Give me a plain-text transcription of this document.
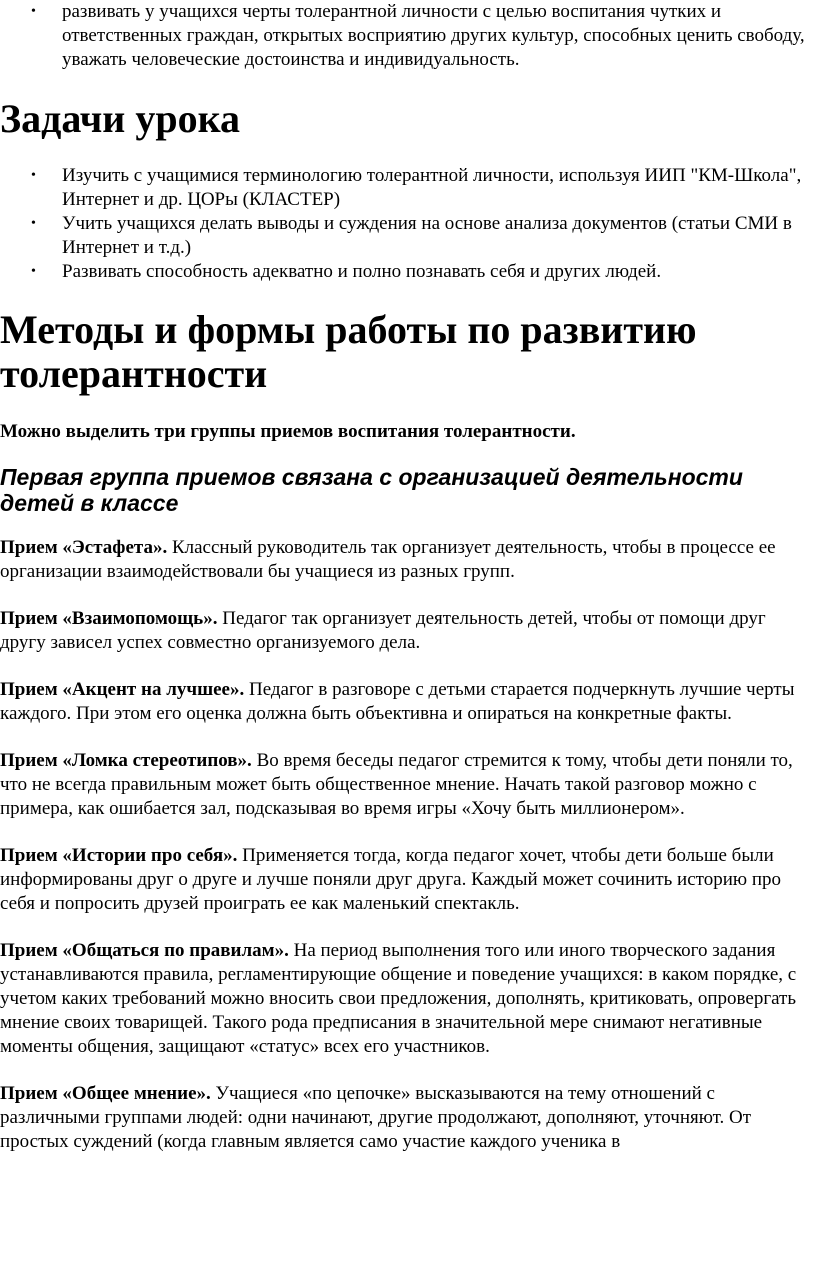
• развивать у учащихся черты толерантной личности с целью воспитания чутких и ответственных граждан, открытых восприятию других культур, способных ценить свободу, уважать человеческие достоинства и индивидуальность.
Задачи урока
• Изучить с учащимися терминологию толерантной личности, используя ИИП "КМ-Школа", Интернет и др. ЦОРы (КЛАСТЕР)
• Учить учащихся делать выводы и суждения на основе анализа документов (статьи СМИ в Интернет и т.д.)
• Развивать способность адекватно и полно познавать себя и других людей.
Методы и формы работы по развитию толерантности

Можно выделить три группы приемов воспитания толерантности.

Первая группа приемов связана с организацией деятельности детей в классе

Прием «Эстафета». Классный руководитель так организует деятельность, чтобы в процессе ее организации взаимодействовали бы учащиеся из разных групп.

Прием «Взаимопомощь». Педагог так организует деятельность детей, чтобы от помощи друг другу зависел успех совместно организуемого дела.

Прием «Акцент на лучшее». Педагог в разговоре с детьми старается подчеркнуть лучшие черты каждого. При этом его оценка должна быть объективна и опираться на конкретные факты.

Прием «Ломка стереотипов». Во время беседы педагог стремится к тому, чтобы дети поняли то, что не всегда правильным может быть общественное мнение. Начать такой разговор можно с примера, как ошибается зал, подсказывая во время игры «Хочу быть миллионером».

Прием «Истории про себя». Применяется тогда, когда педагог хочет, чтобы дети больше были информированы друг о друге и лучше поняли друг друга. Каждый может сочинить историю про себя и попросить друзей проиграть ее как маленький спектакль.

Прием «Общаться по правилам». На период выполнения того или иного творческого задания устанавливаются правила, регламентирующие общение и поведение учащихся: в каком порядке, с учетом каких требований можно вносить свои предложения, дополнять, критиковать, опровергать мнение своих товарищей. Такого рода предписания в значительной мере снимают негативные моменты общения, защищают «статус» всех его участников.

Прием «Общее мнение». Учащиеся «по цепочке» высказываются на тему отношений с различными группами людей: одни начинают, другие продолжают, дополняют, уточняют. От простых суждений (когда главным является само участие каждого ученика в
